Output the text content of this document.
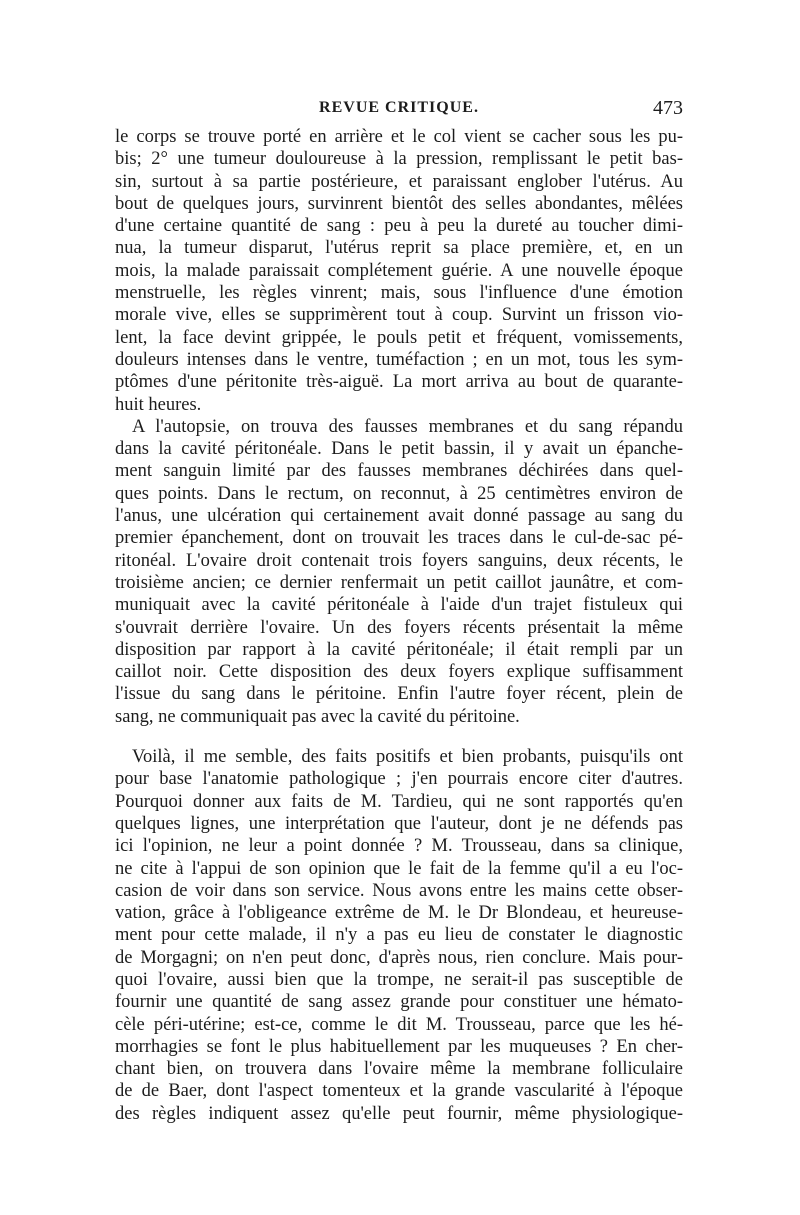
REVUE CRITIQUE.	473
le corps se trouve porté en arrière et le col vient se cacher sous les pu-
bis; 2° une tumeur douloureuse à la pression, remplissant le petit bas-
sin, surtout à sa partie postérieure, et paraissant englober l'utérus. Au
bout de quelques jours, survinrent bientôt des selles abondantes, mêlées
d'une certaine quantité de sang : peu à peu la dureté au toucher dimi-
nua, la tumeur disparut, l'utérus reprit sa place première, et, en un
mois, la malade paraissait complétement guérie. A une nouvelle époque
menstruelle, les règles vinrent; mais, sous l'influence d'une émotion
morale vive, elles se supprimèrent tout à coup. Survint un frisson vio-
lent, la face devint grippée, le pouls petit et fréquent, vomissements,
douleurs intenses dans le ventre, tuméfaction ; en un mot, tous les sym-
ptômes d'une péritonite très-aiguë. La mort arriva au bout de quarante-
huit heures.
A l'autopsie, on trouva des fausses membranes et du sang répandu
dans la cavité péritonéale. Dans le petit bassin, il y avait un épanche-
ment sanguin limité par des fausses membranes déchirées dans quel-
ques points. Dans le rectum, on reconnut, à 25 centimètres environ de
l'anus, une ulcération qui certainement avait donné passage au sang du
premier épanchement, dont on trouvait les traces dans le cul-de-sac pé-
ritonéal. L'ovaire droit contenait trois foyers sanguins, deux récents, le
troisième ancien; ce dernier renfermait un petit caillot jaunâtre, et com-
muniquait avec la cavité péritonéale à l'aide d'un trajet fistuleux qui
s'ouvrait derrière l'ovaire. Un des foyers récents présentait la même
disposition par rapport à la cavité péritonéale; il était rempli par un
caillot noir. Cette disposition des deux foyers explique suffisamment
l'issue du sang dans le péritoine. Enfin l'autre foyer récent, plein de
sang, ne communiquait pas avec la cavité du péritoine.
Voilà, il me semble, des faits positifs et bien probants, puisqu'ils ont
pour base l'anatomie pathologique ; j'en pourrais encore citer d'autres.
Pourquoi donner aux faits de M. Tardieu, qui ne sont rapportés qu'en
quelques lignes, une interprétation que l'auteur, dont je ne défends pas
ici l'opinion, ne leur a point donnée ? M. Trousseau, dans sa clinique,
ne cite à l'appui de son opinion que le fait de la femme qu'il a eu l'oc-
casion de voir dans son service. Nous avons entre les mains cette obser-
vation, grâce à l'obligeance extrême de M. le Dr Blondeau, et heureuse-
ment pour cette malade, il n'y a pas eu lieu de constater le diagnostic
de Morgagni; on n'en peut donc, d'après nous, rien conclure. Mais pour-
quoi l'ovaire, aussi bien que la trompe, ne serait-il pas susceptible de
fournir une quantité de sang assez grande pour constituer une hémato-
cèle péri-utérine; est-ce, comme le dit M. Trousseau, parce que les hé-
morrhagies se font le plus habituellement par les muqueuses ? En cher-
chant bien, on trouvera dans l'ovaire même la membrane folliculaire
de de Baer, dont l'aspect tomenteux et la grande vascularité à l'époque
des règles indiquent assez qu'elle peut fournir, même physiologique-
